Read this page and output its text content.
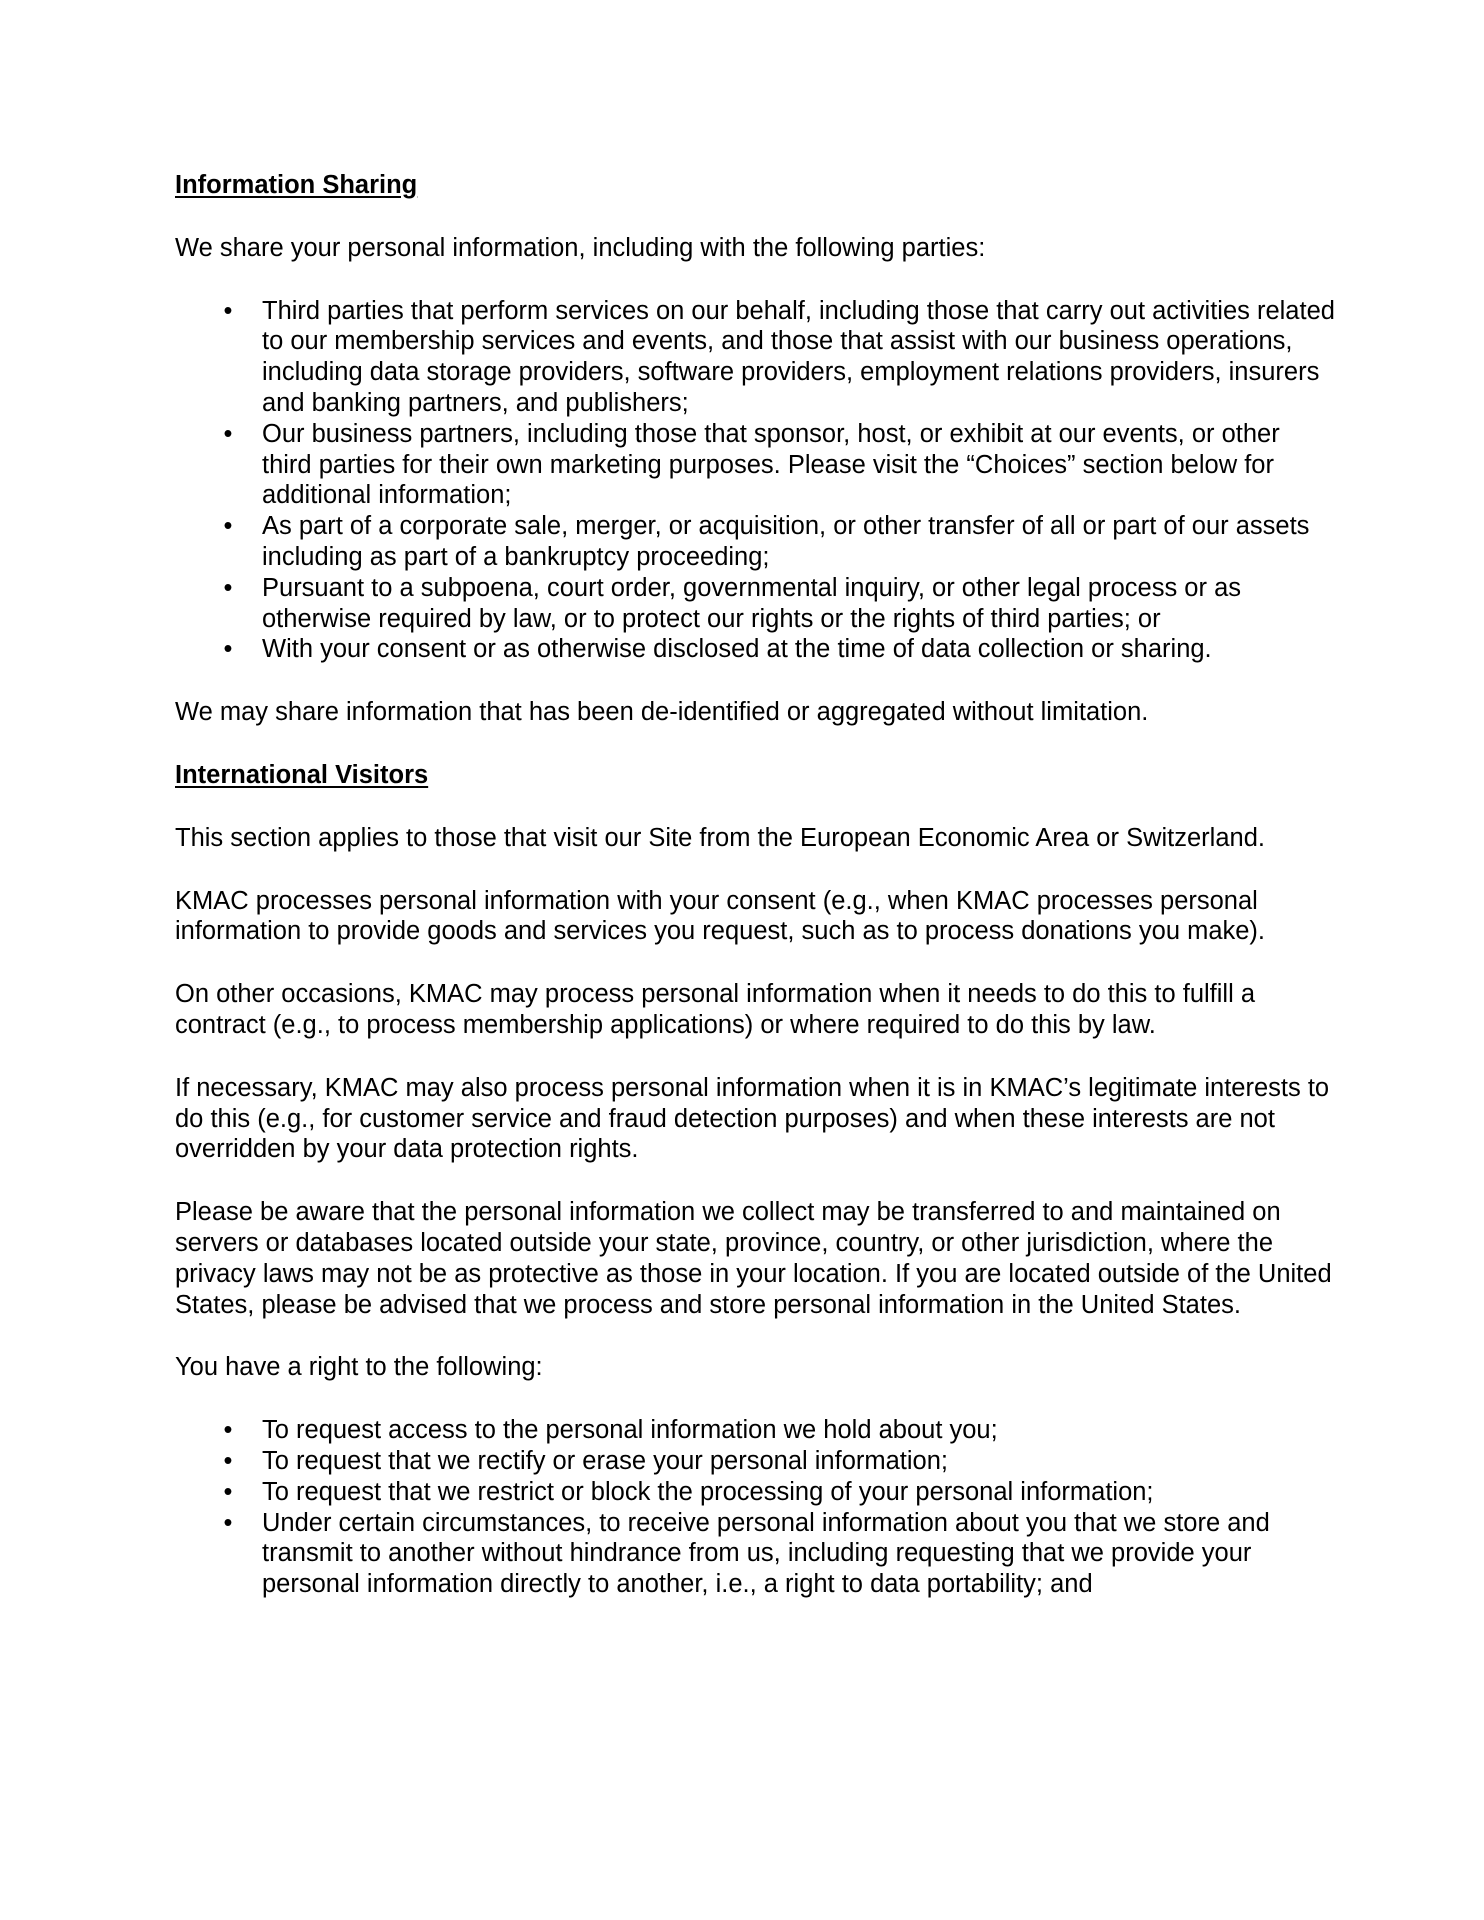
Information Sharing

We share your personal information, including with the following parties:

• Third parties that perform services on our behalf, including those that carry out activities related to our membership services and events, and those that assist with our business operations, including data storage providers, software providers, employment relations providers, insurers and banking partners, and publishers;
• Our business partners, including those that sponsor, host, or exhibit at our events, or other third parties for their own marketing purposes. Please visit the “Choices” section below for additional information;
• As part of a corporate sale, merger, or acquisition, or other transfer of all or part of our assets including as part of a bankruptcy proceeding;
• Pursuant to a subpoena, court order, governmental inquiry, or other legal process or as otherwise required by law, or to protect our rights or the rights of third parties; or
• With your consent or as otherwise disclosed at the time of data collection or sharing.

We may share information that has been de-identified or aggregated without limitation.

International Visitors

This section applies to those that visit our Site from the European Economic Area or Switzerland.

KMAC processes personal information with your consent (e.g., when KMAC processes personal information to provide goods and services you request, such as to process donations you make).

On other occasions, KMAC may process personal information when it needs to do this to fulfill a contract (e.g., to process membership applications) or where required to do this by law.

If necessary, KMAC may also process personal information when it is in KMAC’s legitimate interests to do this (e.g., for customer service and fraud detection purposes) and when these interests are not overridden by your data protection rights.

Please be aware that the personal information we collect may be transferred to and maintained on servers or databases located outside your state, province, country, or other jurisdiction, where the privacy laws may not be as protective as those in your location. If you are located outside of the United States, please be advised that we process and store personal information in the United States.

You have a right to the following:

• To request access to the personal information we hold about you;
• To request that we rectify or erase your personal information;
• To request that we restrict or block the processing of your personal information;
• Under certain circumstances, to receive personal information about you that we store and transmit to another without hindrance from us, including requesting that we provide your personal information directly to another, i.e., a right to data portability; and
